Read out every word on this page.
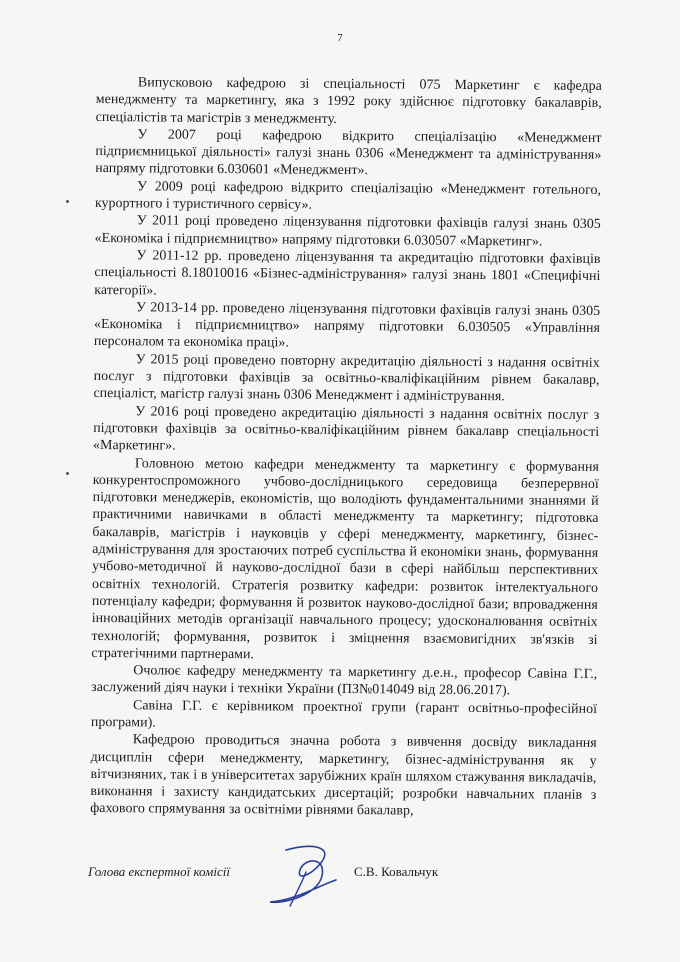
7

Випусковою кафедрою зі спеціальності 075 Маркетинг є кафедра менеджменту та маркетингу, яка з 1992 року здійснює підготовку бакалаврів, спеціалістів та магістрів з менеджменту.

У 2007 році кафедрою відкрито спеціалізацію «Менеджмент підприємницької діяльності» галузі знань 0306 «Менеджмент та адміністрування» напряму підготовки 6.030601 «Менеджмент».

У 2009 році кафедрою відкрито спеціалізацію «Менеджмент готельного, курортного і туристичного сервісу».

У 2011 році проведено ліцензування підготовки фахівців галузі знань 0305 «Економіка і підприємництво» напряму підготовки 6.030507 «Маркетинг».

У 2011-12 рр. проведено ліцензування та акредитацію підготовки фахівців спеціальності 8.18010016 «Бізнес-адміністрування» галузі знань 1801 «Специфічні категорії».

У 2013-14 рр. проведено ліцензування підготовки фахівців галузі знань 0305 «Економіка і підприємництво» напряму підготовки 6.030505 «Управління персоналом та економіка праці».

У 2015 році проведено повторну акредитацію діяльності з надання освітніх послуг з підготовки фахівців за освітньо-кваліфікаційним рівнем бакалавр, спеціаліст, магістр галузі знань 0306 Менеджмент і адміністрування.

У 2016 році проведено акредитацію діяльності з надання освітніх послуг з підготовки фахівців за освітньо-кваліфікаційним рівнем бакалавр спеціальності «Маркетинг».

Головною метою кафедри менеджменту та маркетингу є формування конкурентоспроможного учбово-дослідницького середовища безперервної підготовки менеджерів, економістів, що володіють фундаментальними знаннями й практичними навичками в області менеджменту та маркетингу; підготовка бакалаврів, магістрів і науковців у сфері менеджменту, маркетингу, бізнес-адміністрування для зростаючих потреб суспільства й економіки знань, формування учбово-методичної й науково-дослідної бази в сфері найбільш перспективних освітніх технологій. Стратегія розвитку кафедри: розвиток інтелектуального потенціалу кафедри; формування й розвиток науково-дослідної бази; впровадження інноваційних методів організації навчального процесу; удосконалювання освітніх технологій; формування, розвиток і зміцнення взаємовигідних зв'язків зі стратегічними партнерами.

Очолює кафедру менеджменту та маркетингу д.е.н., професор Савіна Г.Г., заслужений діяч науки і техніки України (ПЗ№014049 від 28.06.2017).

Савіна Г.Г. є керівником проектної групи (гарант освітньо-професійної програми).

Кафедрою проводиться значна робота з вивчення досвіду викладання дисциплін сфери менеджменту, маркетингу, бізнес-адміністрування як у вітчизняних, так і в університетах зарубіжних країн шляхом стажування викладачів, виконання і захисту кандидатських дисертацій; розробки навчальних планів з фахового спрямування за освітніми рівнями бакалавр,

Голова експертної комісії	С.В. Ковальчук
